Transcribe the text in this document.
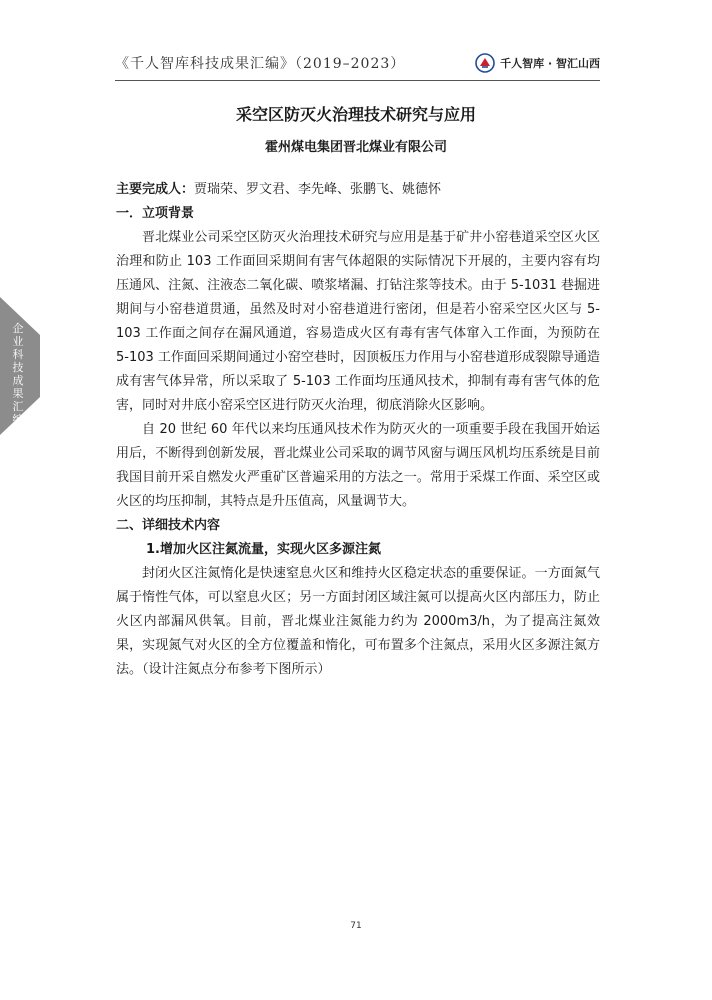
《千人智库科技成果汇编》（2019–2023）	千人智库 · 智汇山西
企
业
科
技
成
果
汇
编
采空区防灭火治理技术研究与应用
霍州煤电集团晋北煤业有限公司

主要完成人：贾瑞荣、罗文君、李先峰、张鹏飞、姚德怀

一．立项背景

晋北煤业公司采空区防灭火治理技术研究与应用是基于矿井小窑巷道采空区火区治理和防止 103 工作面回采期间有害气体超限的实际情况下开展的，主要内容有均压通风、注氮、注液态二氧化碳、喷浆堵漏、打钻注浆等技术。由于 5-1031 巷掘进期间与小窑巷道贯通，虽然及时对小窑巷道进行密闭，但是若小窑采空区火区与 5-103 工作面之间存在漏风通道，容易造成火区有毒有害气体窜入工作面，为预防在 5-103 工作面回采期间通过小窑空巷时，因顶板压力作用与小窑巷道形成裂隙导通造成有害气体异常，所以采取了 5-103 工作面均压通风技术，抑制有毒有害气体的危害，同时对井底小窑采空区进行防灭火治理，彻底消除火区影响。

自 20 世纪 60 年代以来均压通风技术作为防灭火的一项重要手段在我国开始运用后，不断得到创新发展，晋北煤业公司采取的调节风窗与调压风机均压系统是目前我国目前开采自燃发火严重矿区普遍采用的方法之一。常用于采煤工作面、采空区或火区的均压抑制，其特点是升压值高，风量调节大。

二、详细技术内容

1.增加火区注氮流量，实现火区多源注氮

封闭火区注氮惰化是快速窒息火区和维持火区稳定状态的重要保证。一方面氮气属于惰性气体，可以窒息火区；另一方面封闭区域注氮可以提高火区内部压力，防止火区内部漏风供氧。目前，晋北煤业注氮能力约为 2000m3/h，为了提高注氮效果，实现氮气对火区的全方位覆盖和惰化，可布置多个注氮点，采用火区多源注氮方法。（设计注氮点分布参考下图所示）

71
